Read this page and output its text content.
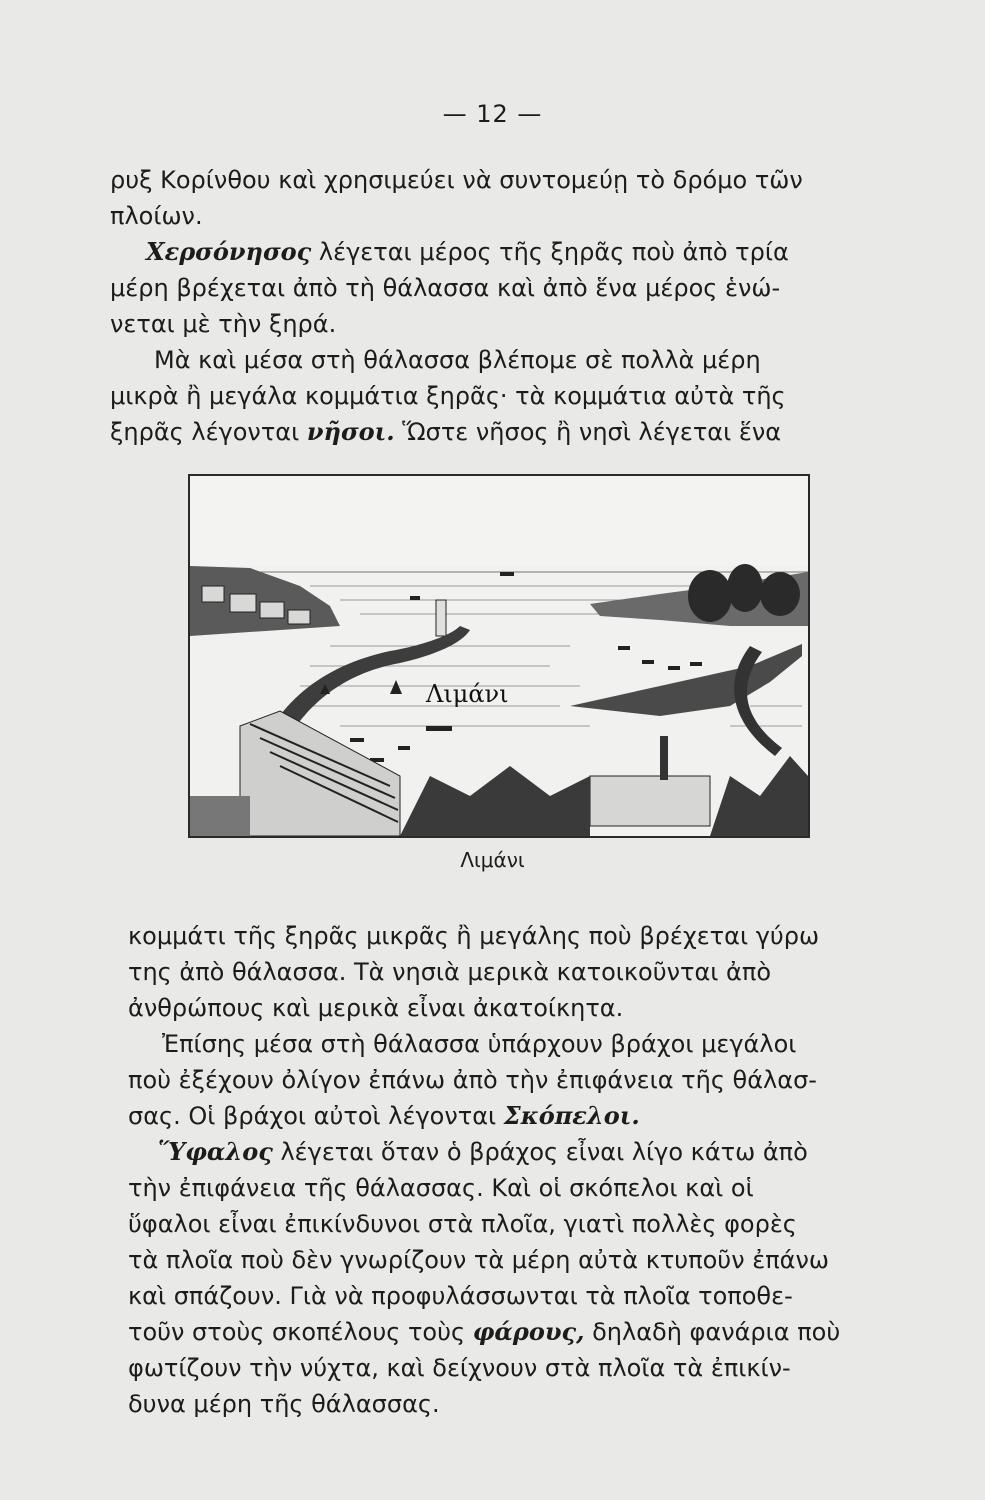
— 12 —
ρυξ Κορίνθου καὶ χρησιμεύει νὰ συντομεύῃ τὸ δρόμο τῶν
πλοίων.
Χερσόνησος λέγεται μέρος τῆς ξηρᾶς ποὺ ἀπὸ τρία
μέρη βρέχεται ἀπὸ τὴ θάλασσα καὶ ἀπὸ ἕνα μέρος ἑνώ-
νεται μὲ τὴν ξηρά.
Μὰ καὶ μέσα στὴ θάλασσα βλέπομε σὲ πολλὰ μέρη
μικρὰ ἢ μεγάλα κομμάτια ξηρᾶς· τὰ κομμάτια αὐτὰ τῆς
ξηρᾶς λέγονται νῆσοι. Ὥστε νῆσος ἢ νησὶ λέγεται ἕνα
Λιμάνι
Λιμάνι
κομμάτι τῆς ξηρᾶς μικρᾶς ἢ μεγάλης ποὺ βρέχεται γύρω
της ἀπὸ θάλασσα. Τὰ νησιὰ μερικὰ κατοικοῦνται ἀπὸ
ἀνθρώπους καὶ μερικὰ εἶναι ἀκατοίκητα.
Ἐπίσης μέσα στὴ θάλασσα ὑπάρχουν βράχοι μεγάλοι
ποὺ ἐξέχουν ὀλίγον ἐπάνω ἀπὸ τὴν ἐπιφάνεια τῆς θάλασ-
σας. Οἱ βράχοι αὐτοὶ λέγονται Σκόπελοι.
Ὕφαλος λέγεται ὅταν ὁ βράχος εἶναι λίγο κάτω ἀπὸ
τὴν ἐπιφάνεια τῆς θάλασσας. Καὶ οἱ σκόπελοι καὶ οἱ
ὕφαλοι εἶναι ἐπικίνδυνοι στὰ πλοῖα, γιατὶ πολλὲς φορὲς
τὰ πλοῖα ποὺ δὲν γνωρίζουν τὰ μέρη αὐτὰ κτυποῦν ἐπάνω
καὶ σπάζουν. Γιὰ νὰ προφυλάσσωνται τὰ πλοῖα τοποθε-
τοῦν στοὺς σκοπέλους τοὺς φάρους, δηλαδὴ φανάρια ποὺ
φωτίζουν τὴν νύχτα, καὶ δείχνουν στὰ πλοῖα τὰ ἐπικίν-
δυνα μέρη τῆς θάλασσας.
